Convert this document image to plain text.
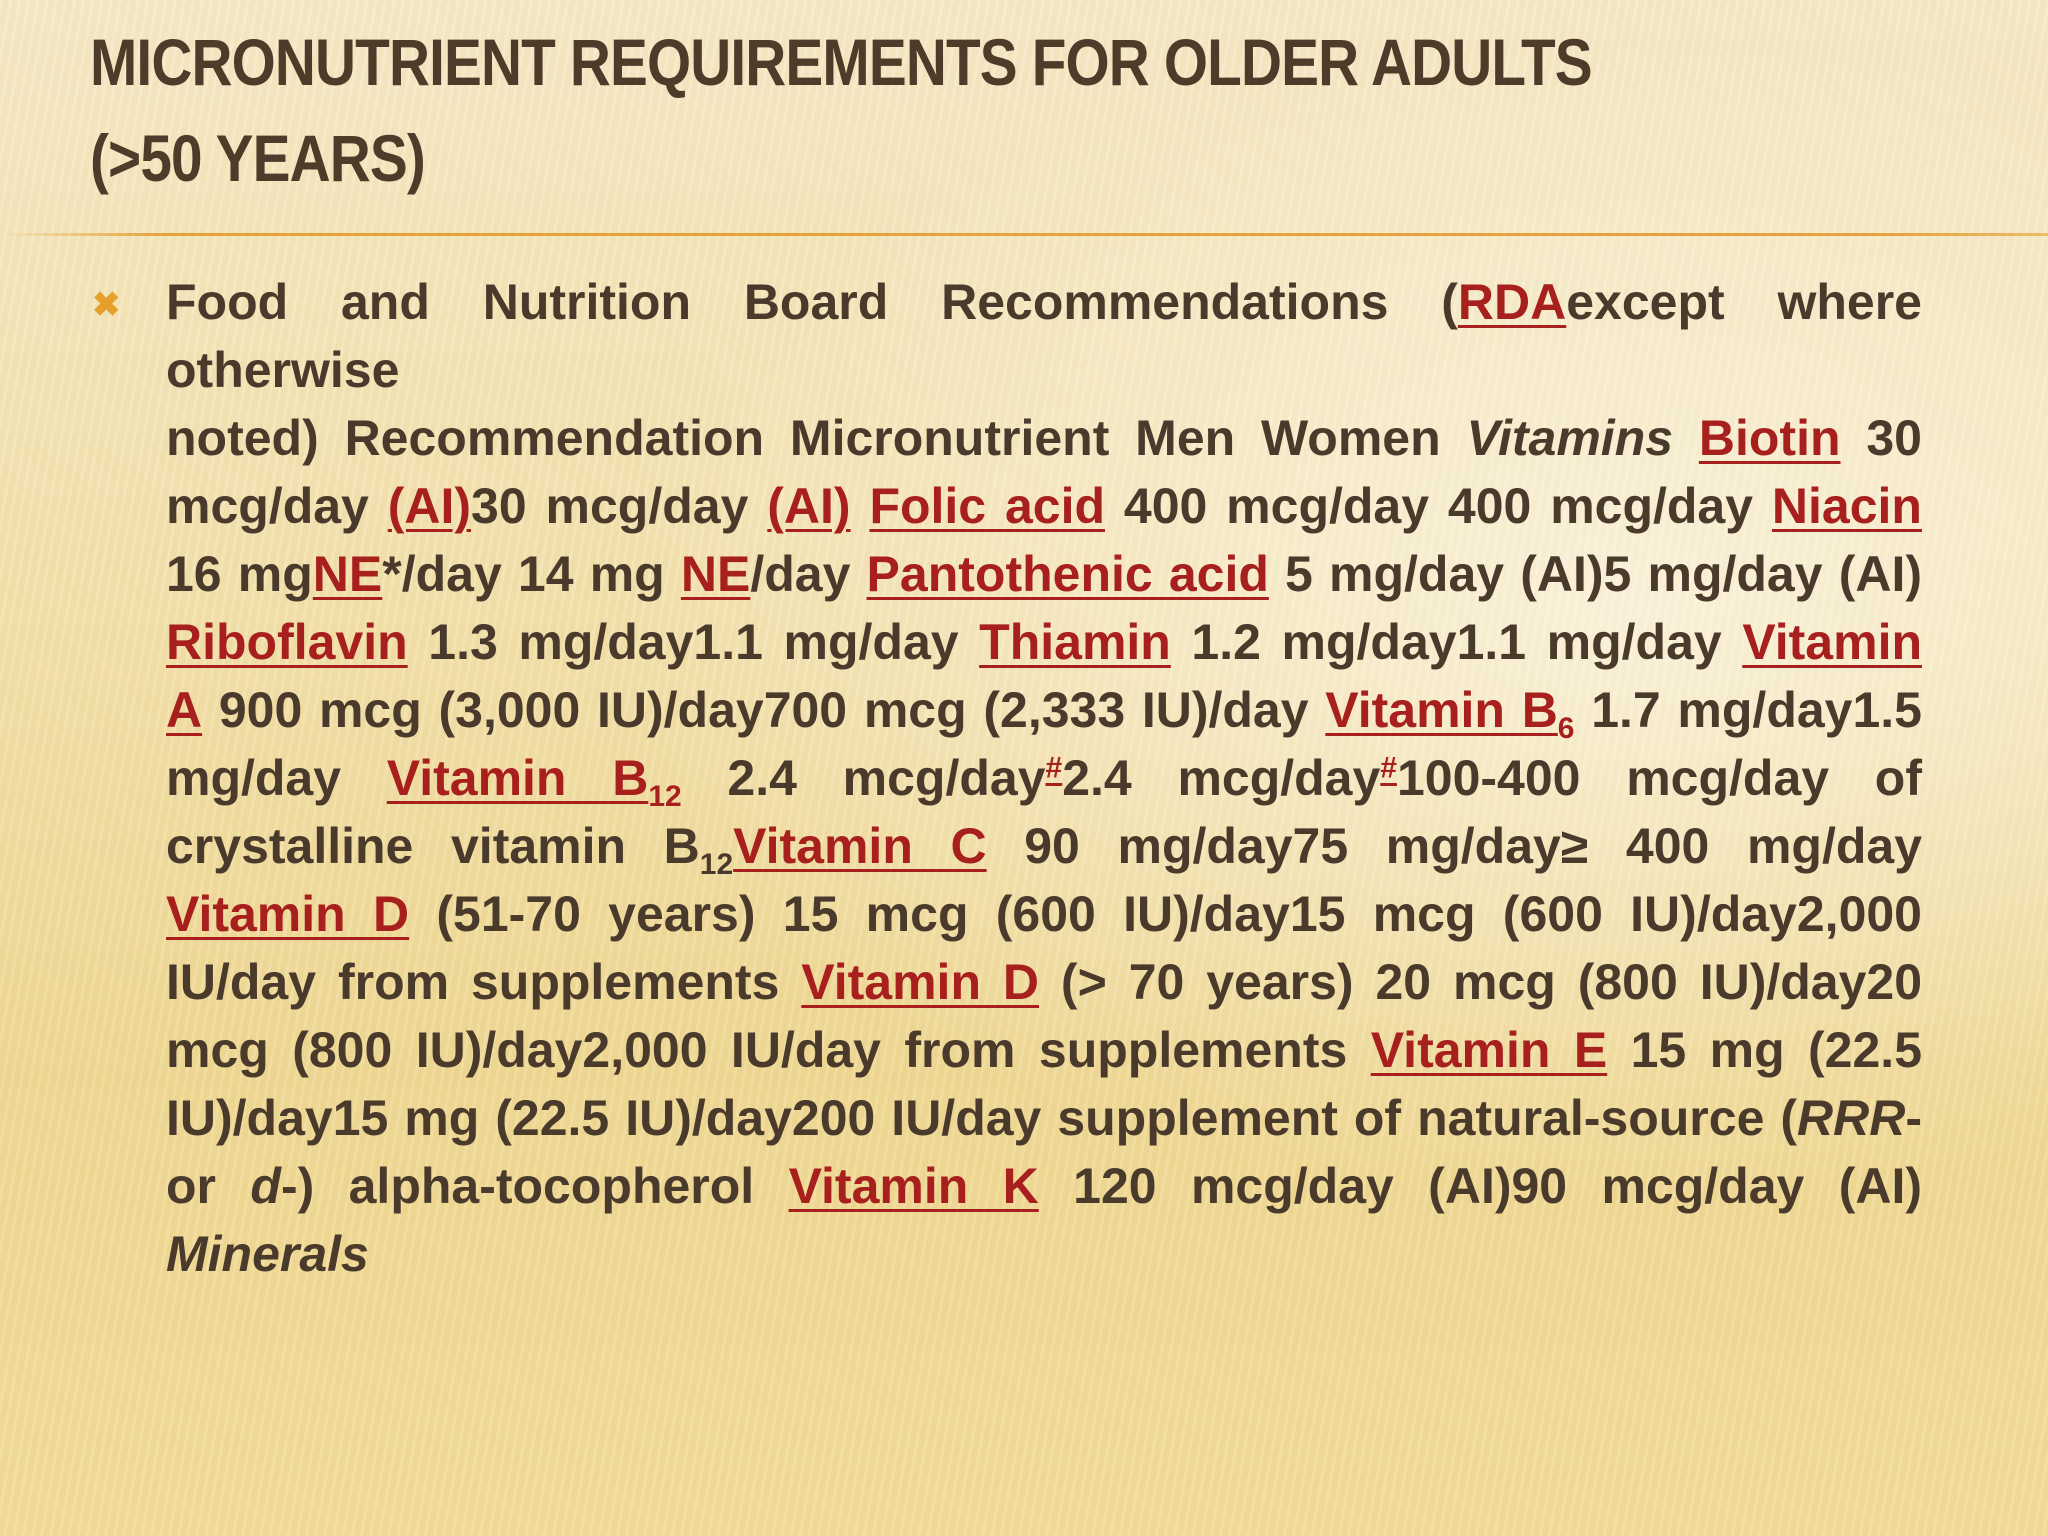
MICRONUTRIENT REQUIREMENTS FOR OLDER ADULTS
(>50 YEARS)
✖ Food and Nutrition Board Recommendations (RDAexcept where otherwise
noted) Recommendation Micronutrient Men Women Vitamins Biotin 30 mcg/day (AI)30 mcg/day (AI) Folic acid 400 mcg/day 400 mcg/day Niacin 16 mgNE*/day 14 mg NE/day Pantothenic acid 5 mg/day (AI)5 mg/day (AI) Riboflavin 1.3 mg/day1.1 mg/day Thiamin 1.2 mg/day1.1 mg/day Vitamin A 900 mcg (3,000 IU)/day700 mcg (2,333 IU)/day Vitamin $B_6$ 1.7 mg/day1.5 mg/day Vitamin $B_{12}$ 2.4 mcg/day#2.4 mcg/day#100-400 mcg/day of crystalline vitamin $B_{12}Vitamin$ C 90 mg/day75 mg/day≥ 400 mg/day Vitamin D (51-70 years) 15 mcg (600 IU)/day15 mcg (600 IU)/day2,000 IU/day from supplements Vitamin D (> 70 years) 20 mcg (800 IU)/day20 mcg (800 IU)/day2,000 IU/day from supplements Vitamin E 15 mg (22.5 IU)/day15 mg (22.5 IU)/day200 IU/day supplement of natural-source (RRR- or d-) alpha-tocopherol Vitamin K 120 mcg/day (AI)90 mcg/day (AI) Minerals
